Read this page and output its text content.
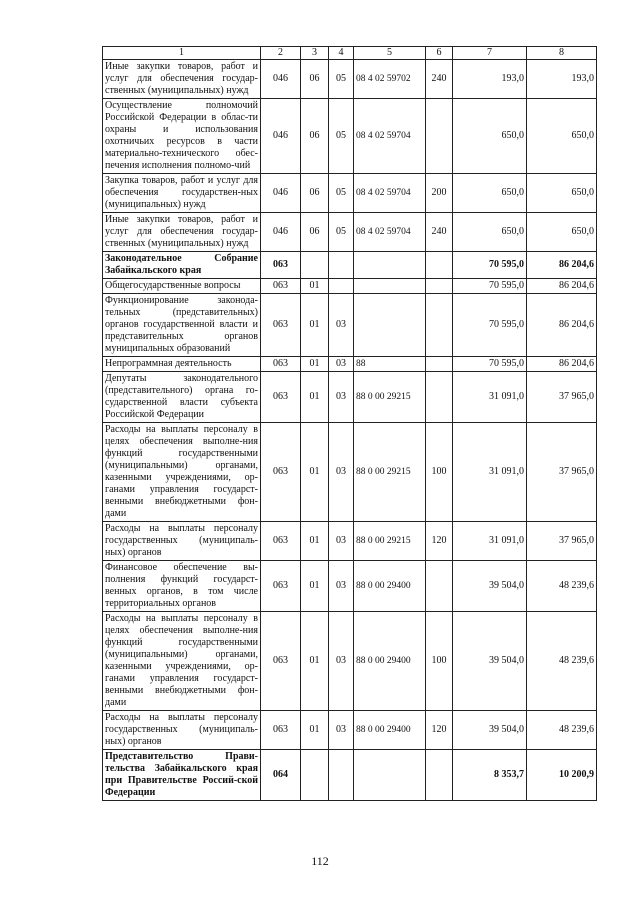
1	2	3	4	5	6	7	8
Иные закупки товаров, работ и услуг для обеспечения государ-ственных (муниципальных) нужд	046	06	05	08 4 02 59702	240	193,0	193,0
Осуществление полномочий Российской Федерации в облас-ти охраны и использования охотничьих ресурсов в части материально-технического обес-печения исполнения полномо-чий	046	06	05	08 4 02 59704		650,0	650,0
Закупка товаров, работ и услуг для обеспечения государствен-ных (муниципальных) нужд	046	06	05	08 4 02 59704	200	650,0	650,0
Иные закупки товаров, работ и услуг для обеспечения государ-ственных (муниципальных) нужд	046	06	05	08 4 02 59704	240	650,0	650,0
Законодательное Собрание Забайкальского края	063					70 595,0	86 204,6
Общегосударственные вопросы	063	01				70 595,0	86 204,6
Функционирование законода-тельных (представительных) органов государственной власти и представительных органов муниципальных образований	063	01	03			70 595,0	86 204,6
Непрограммная деятельность	063	01	03	88		70 595,0	86 204,6
Депутаты законодательного (представительного) органа го-сударственной власти субъекта Российской Федерации	063	01	03	88 0 00 29215		31 091,0	37 965,0
Расходы на выплаты персоналу в целях обеспечения выполне-ния функций государственными (муниципальными) органами, казенными учреждениями, ор-ганами управления государст-венными внебюджетными фон-дами	063	01	03	88 0 00 29215	100	31 091,0	37 965,0
Расходы на выплаты персоналу государственных (муниципаль-ных) органов	063	01	03	88 0 00 29215	120	31 091,0	37 965,0
Финансовое обеспечение вы-полнения функций государст-венных органов, в том числе территориальных органов	063	01	03	88 0 00 29400		39 504,0	48 239,6
Расходы на выплаты персоналу в целях обеспечения выполне-ния функций государственными (муниципальными) органами, казенными учреждениями, ор-ганами управления государст-венными внебюджетными фон-дами	063	01	03	88 0 00 29400	100	39 504,0	48 239,6
Расходы на выплаты персоналу государственных (муниципаль-ных) органов	063	01	03	88 0 00 29400	120	39 504,0	48 239,6
Представительство Прави-тельства Забайкальского края при Правительстве Россий-ской Федерации	064					8 353,7	10 200,9
112
